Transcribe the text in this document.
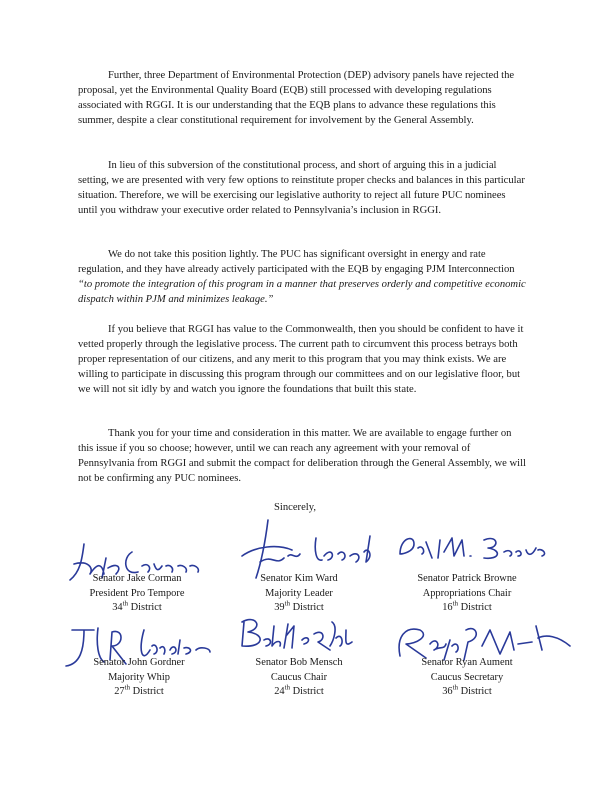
Further, three Department of Environmental Protection (DEP) advisory panels have rejected the proposal, yet the Environmental Quality Board (EQB) still processed with developing regulations associated with RGGI. It is our understanding that the EQB plans to advance these regulations this summer, despite a clear constitutional requirement for involvement by the General Assembly.

In lieu of this subversion of the constitutional process, and short of arguing this in a judicial setting, we are presented with very few options to reinstitute proper checks and balances in this particular situation. Therefore, we will be exercising our legislative authority to reject all future PUC nominees until you withdraw your executive order related to Pennsylvania’s inclusion in RGGI.

We do not take this position lightly. The PUC has significant oversight in energy and rate regulation, and they have already actively participated with the EQB by engaging PJM Interconnection “to promote the integration of this program in a manner that preserves orderly and competitive economic dispatch within PJM and minimizes leakage.”

If you believe that RGGI has value to the Commonwealth, then you should be confident to have it vetted properly through the legislative process. The current path to circumvent this process betrays both proper representation of our citizens, and any merit to this program that you may think exists. We are willing to participate in discussing this program through our committees and on our legislative floor, but we will not sit idly by and watch you ignore the foundations that built this state.

Thank you for your time and consideration in this matter. We are available to engage further on this issue if you so choose; however, until we can reach any agreement with your removal of Pennsylvania from RGGI and submit the compact for deliberation through the General Assembly, we will not be confirming any PUC nominees.

Sincerely,
Senator Jake Corman
President Pro Tempore
34th District
Senator Kim Ward
Majority Leader
39th District
Senator Patrick Browne
Appropriations Chair
16th District
Senator John Gordner
Majority Whip
27th District
Senator Bob Mensch
Caucus Chair
24th District
Senator Ryan Aument
Caucus Secretary
36th District
